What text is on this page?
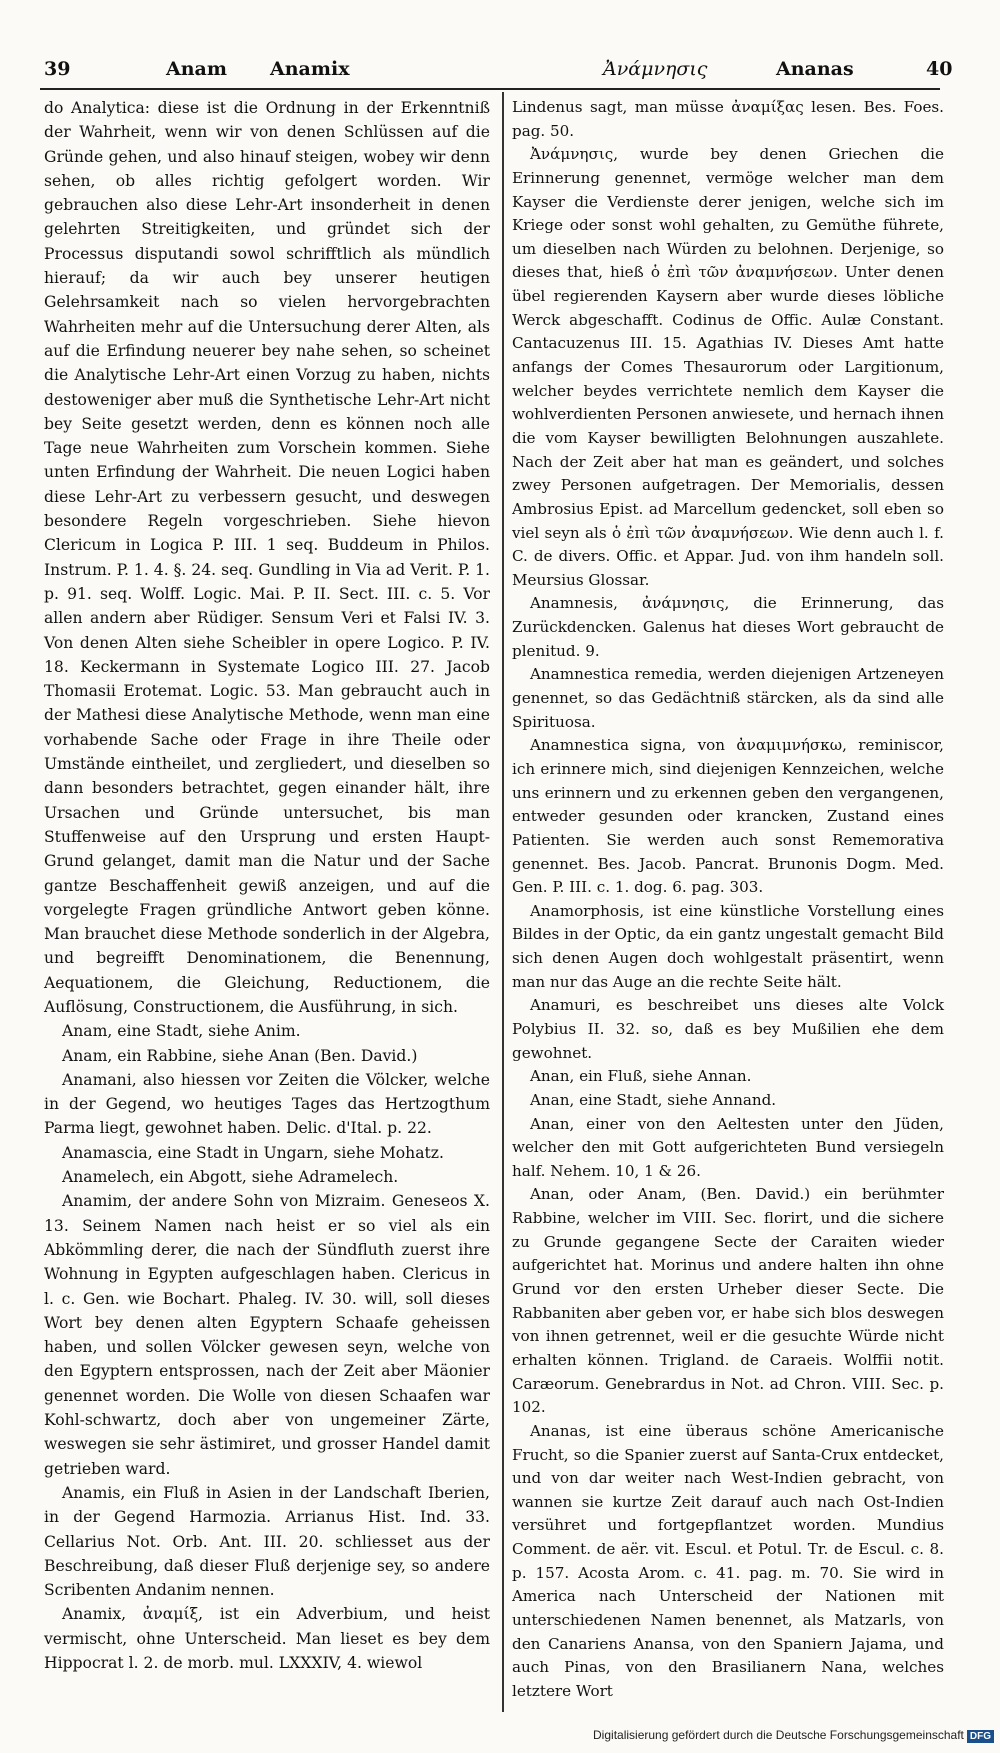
39	Anam Anamix	Ἀνάμνησις	Ananas	40

do Analytica: diese ist die Ordnung in der Erkenntniß der Wahrheit, wenn wir von denen Schlüssen auf die Gründe gehen, und also hinauf steigen, wobey wir denn sehen, ob alles richtig gefolgert worden. Wir gebrauchen also diese Lehr-Art insonderheit in denen gelehrten Streitigkeiten, und gründet sich der Processus disputandi sowol schrifftlich als mündlich hierauf; da wir auch bey unserer heutigen Gelehrsamkeit nach so vielen hervorgebrachten Wahrheiten mehr auf die Untersuchung derer Alten, als auf die Erfindung neuerer bey nahe sehen, so scheinet die Analytische Lehr-Art einen Vorzug zu haben, nichts destoweniger aber muß die Synthetische Lehr-Art nicht bey Seite gesetzt werden, denn es können noch alle Tage neue Wahrheiten zum Vorschein kommen. Siehe unten Erfindung der Wahrheit. Die neuen Logici haben diese Lehr-Art zu verbessern gesucht, und deswegen besondere Regeln vorgeschrieben. Siehe hievon Clericum in Logica P. III. 1 seq. Buddeum in Philos. Instrum. P. 1. 4. §. 24. seq. Gundling in Via ad Verit. P. 1. p. 91. seq. Wolff. Logic. Mai. P. II. Sect. III. c. 5. Vor allen andern aber Rüdiger. Sensum Veri et Falsi IV. 3. Von denen Alten siehe Scheibler in opere Logico. P. IV. 18. Keckermann in Systemate Logico III. 27. Jacob Thomasii Erotemat. Logic. 53. Man gebraucht auch in der Mathesi diese Analytische Methode, wenn man eine vorhabende Sache oder Frage in ihre Theile oder Umstände eintheilet, und zergliedert, und dieselben so dann besonders betrachtet, gegen einander hält, ihre Ursachen und Gründe untersuchet, bis man Stuffenweise auf den Ursprung und ersten Haupt-Grund gelanget, damit man die Natur und der Sache gantze Beschaffenheit gewiß anzeigen, und auf die vorgelegte Fragen gründliche Antwort geben könne. Man brauchet diese Methode sonderlich in der Algebra, und begreifft Denominationem, die Benennung, Aequationem, die Gleichung, Reductionem, die Auflösung, Constructionem, die Ausführung, in sich.

Anam, eine Stadt, siehe Anim.

Anam, ein Rabbine, siehe Anan (Ben. David.)

Anamani, also hiessen vor Zeiten die Völcker, welche in der Gegend, wo heutiges Tages das Hertzogthum Parma liegt, gewohnet haben. Delic. d'Ital. p. 22.

Anamascia, eine Stadt in Ungarn, siehe Mohatz.

Anamelech, ein Abgott, siehe Adramelech.

Anamim, der andere Sohn von Mizraim. Geneseos X. 13. Seinem Namen nach heist er so viel als ein Abkömmling derer, die nach der Sündfluth zuerst ihre Wohnung in Egypten aufgeschlagen haben. Clericus in l. c. Gen. wie Bochart. Phaleg. IV. 30. will, soll dieses Wort bey denen alten Egyptern Schaafe geheissen haben, und sollen Völcker gewesen seyn, welche von den Egyptern entsprossen, nach der Zeit aber Mäonier genennet worden. Die Wolle von diesen Schaafen war Kohl-schwartz, doch aber von ungemeiner Zärte, weswegen sie sehr ästimiret, und grosser Handel damit getrieben ward.

Anamis, ein Fluß in Asien in der Landschaft Iberien, in der Gegend Harmozia. Arrianus Hist. Ind. 33. Cellarius Not. Orb. Ant. III. 20. schliesset aus der Beschreibung, daß dieser Fluß derjenige sey, so andere Scribenten Andanim nennen.

Anamix, ἀναμίξ, ist ein Adverbium, und heist vermischt, ohne Unterscheid. Man lieset es bey dem Hippocrat l. 2. de morb. mul. LXXXIV, 4. wiewol

Lindenus sagt, man müsse ἀναμίξας lesen. Bes. Foes. pag. 50.

Ἀνάμνησις, wurde bey denen Griechen die Erinnerung genennet, vermöge welcher man dem Kayser die Verdienste derer jenigen, welche sich im Kriege oder sonst wohl gehalten, zu Gemüthe führete, um dieselben nach Würden zu belohnen. Derjenige, so dieses that, hieß ὁ ἐπὶ τῶν ἀναμνήσεων. Unter denen übel regierenden Kaysern aber wurde dieses löbliche Werck abgeschafft. Codinus de Offic. Aulæ Constant. Cantacuzenus III. 15. Agathias IV. Dieses Amt hatte anfangs der Comes Thesaurorum oder Largitionum, welcher beydes verrichtete nemlich dem Kayser die wohlverdienten Personen anwiesete, und hernach ihnen die vom Kayser bewilligten Belohnungen auszahlete. Nach der Zeit aber hat man es geändert, und solches zwey Personen aufgetragen. Der Memorialis, dessen Ambrosius Epist. ad Marcellum gedencket, soll eben so viel seyn als ὁ ἐπὶ τῶν ἀναμνήσεων. Wie denn auch l. f. C. de divers. Offic. et Appar. Jud. von ihm handeln soll. Meursius Glossar.

Anamnesis, ἀνάμνησις, die Erinnerung, das Zurückdencken. Galenus hat dieses Wort gebraucht de plenitud. 9.

Anamnestica remedia, werden diejenigen Artzeneyen genennet, so das Gedächtniß stärcken, als da sind alle Spirituosa.

Anamnestica signa, von ἀναμιμνήσκω, reminiscor, ich erinnere mich, sind diejenigen Kennzeichen, welche uns erinnern und zu erkennen geben den vergangenen, entweder gesunden oder krancken, Zustand eines Patienten. Sie werden auch sonst Rememorativa genennet. Bes. Jacob. Pancrat. Brunonis Dogm. Med. Gen. P. III. c. 1. dog. 6. pag. 303.

Anamorphosis, ist eine künstliche Vorstellung eines Bildes in der Optic, da ein gantz ungestalt gemacht Bild sich denen Augen doch wohlgestalt präsentirt, wenn man nur das Auge an die rechte Seite hält.

Anamuri, es beschreibet uns dieses alte Volck Polybius II. 32. so, daß es bey Mußilien ehe dem gewohnet.

Anan, ein Fluß, siehe Annan.

Anan, eine Stadt, siehe Annand.

Anan, einer von den Aeltesten unter den Jüden, welcher den mit Gott aufgerichteten Bund versiegeln half. Nehem. 10, 1 & 26.

Anan, oder Anam, (Ben. David.) ein berühmter Rabbine, welcher im VIII. Sec. florirt, und die sichere zu Grunde gegangene Secte der Caraiten wieder aufgerichtet hat. Morinus und andere halten ihn ohne Grund vor den ersten Urheber dieser Secte. Die Rabbaniten aber geben vor, er habe sich blos deswegen von ihnen getrennet, weil er die gesuchte Würde nicht erhalten können. Trigland. de Caraeis. Wolffii notit. Caræorum. Genebrardus in Not. ad Chron. VIII. Sec. p. 102.

Ananas, ist eine überaus schöne Americanische Frucht, so die Spanier zuerst auf Santa-Crux entdecket, und von dar weiter nach West-Indien gebracht, von wannen sie kurtze Zeit darauf auch nach Ost-Indien versühret und fortgepflantzet worden. Mundius Comment. de aër. vit. Escul. et Potul. Tr. de Escul. c. 8. p. 157. Acosta Arom. c. 41. pag. m. 70. Sie wird in America nach Unterscheid der Nationen mit unterschiedenen Namen benennet, als Matzarls, von den Canariens Anansa, von den Spaniern Jajama, und auch Pinas, von den Brasilianern Nana, welches letztere Wort

Digitalisierung gefördert durch die Deutsche Forschungsgemeinschaft DFG
